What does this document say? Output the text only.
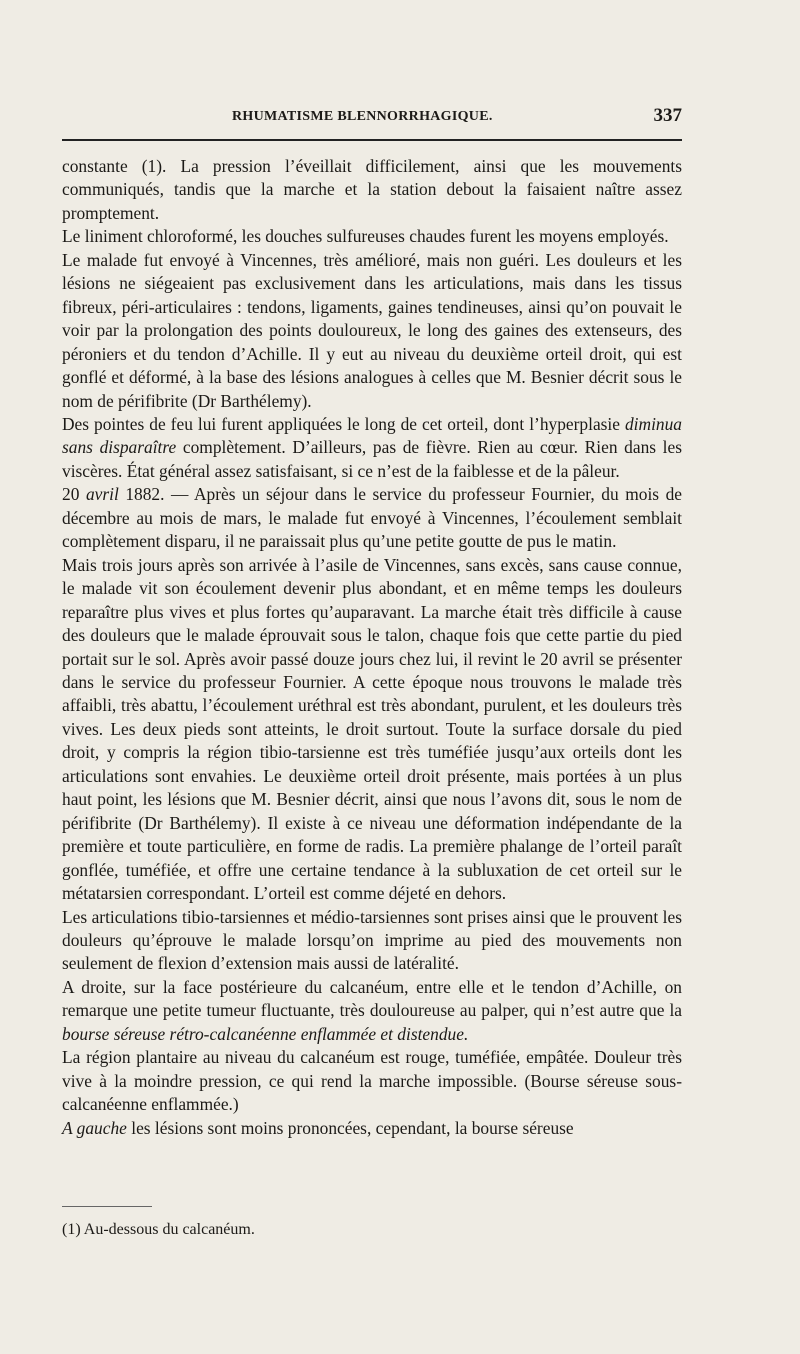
RHUMATISME BLENNORRHAGIQUE.	337

constante (1). La pression l’éveillait difficilement, ainsi que les mouvements communiqués, tandis que la marche et la station debout la faisaient naître assez promptement.

Le liniment chloroformé, les douches sulfureuses chaudes furent les moyens employés.

Le malade fut envoyé à Vincennes, très amélioré, mais non guéri. Les douleurs et les lésions ne siégeaient pas exclusivement dans les articulations, mais dans les tissus fibreux, péri-articulaires : tendons, ligaments, gaines tendineuses, ainsi qu’on pouvait le voir par la prolongation des points douloureux, le long des gaines des extenseurs, des péroniers et du tendon d’Achille. Il y eut au niveau du deuxième orteil droit, qui est gonflé et déformé, à la base des lésions analogues à celles que M. Besnier décrit sous le nom de périfibrite (Dr Barthélemy).

Des pointes de feu lui furent appliquées le long de cet orteil, dont l’hyperplasie diminua sans disparaître complètement. D’ailleurs, pas de fièvre. Rien au cœur. Rien dans les viscères. État général assez satisfaisant, si ce n’est de la faiblesse et de la pâleur.

20 avril 1882. — Après un séjour dans le service du professeur Fournier, du mois de décembre au mois de mars, le malade fut envoyé à Vincennes, l’écoulement semblait complètement disparu, il ne paraissait plus qu’une petite goutte de pus le matin.

Mais trois jours après son arrivée à l’asile de Vincennes, sans excès, sans cause connue, le malade vit son écoulement devenir plus abondant, et en même temps les douleurs reparaître plus vives et plus fortes qu’auparavant. La marche était très difficile à cause des douleurs que le malade éprouvait sous le talon, chaque fois que cette partie du pied portait sur le sol. Après avoir passé douze jours chez lui, il revint le 20 avril se présenter dans le service du professeur Fournier. A cette époque nous trouvons le malade très affaibli, très abattu, l’écoulement uréthral est très abondant, purulent, et les douleurs très vives. Les deux pieds sont atteints, le droit surtout. Toute la surface dorsale du pied droit, y compris la région tibio-tarsienne est très tuméfiée jusqu’aux orteils dont les articulations sont envahies. Le deuxième orteil droit présente, mais portées à un plus haut point, les lésions que M. Besnier décrit, ainsi que nous l’avons dit, sous le nom de périfibrite (Dr Barthélemy). Il existe à ce niveau une déformation indépendante de la première et toute particulière, en forme de radis. La première phalange de l’orteil paraît gonflée, tuméfiée, et offre une certaine tendance à la subluxation de cet orteil sur le métatarsien correspondant. L’orteil est comme déjeté en dehors.

Les articulations tibio-tarsiennes et médio-tarsiennes sont prises ainsi que le prouvent les douleurs qu’éprouve le malade lorsqu’on imprime au pied des mouvements non seulement de flexion d’extension mais aussi de latéralité.

A droite, sur la face postérieure du calcanéum, entre elle et le tendon d’Achille, on remarque une petite tumeur fluctuante, très douloureuse au palper, qui n’est autre que la bourse séreuse rétro-calcanéenne enflammée et distendue.

La région plantaire au niveau du calcanéum est rouge, tuméfiée, empâtée. Douleur très vive à la moindre pression, ce qui rend la marche impossible. (Bourse séreuse sous-calcanéenne enflammée.)

A gauche les lésions sont moins prononcées, cependant, la bourse séreuse

(1) Au-dessous du calcanéum.
